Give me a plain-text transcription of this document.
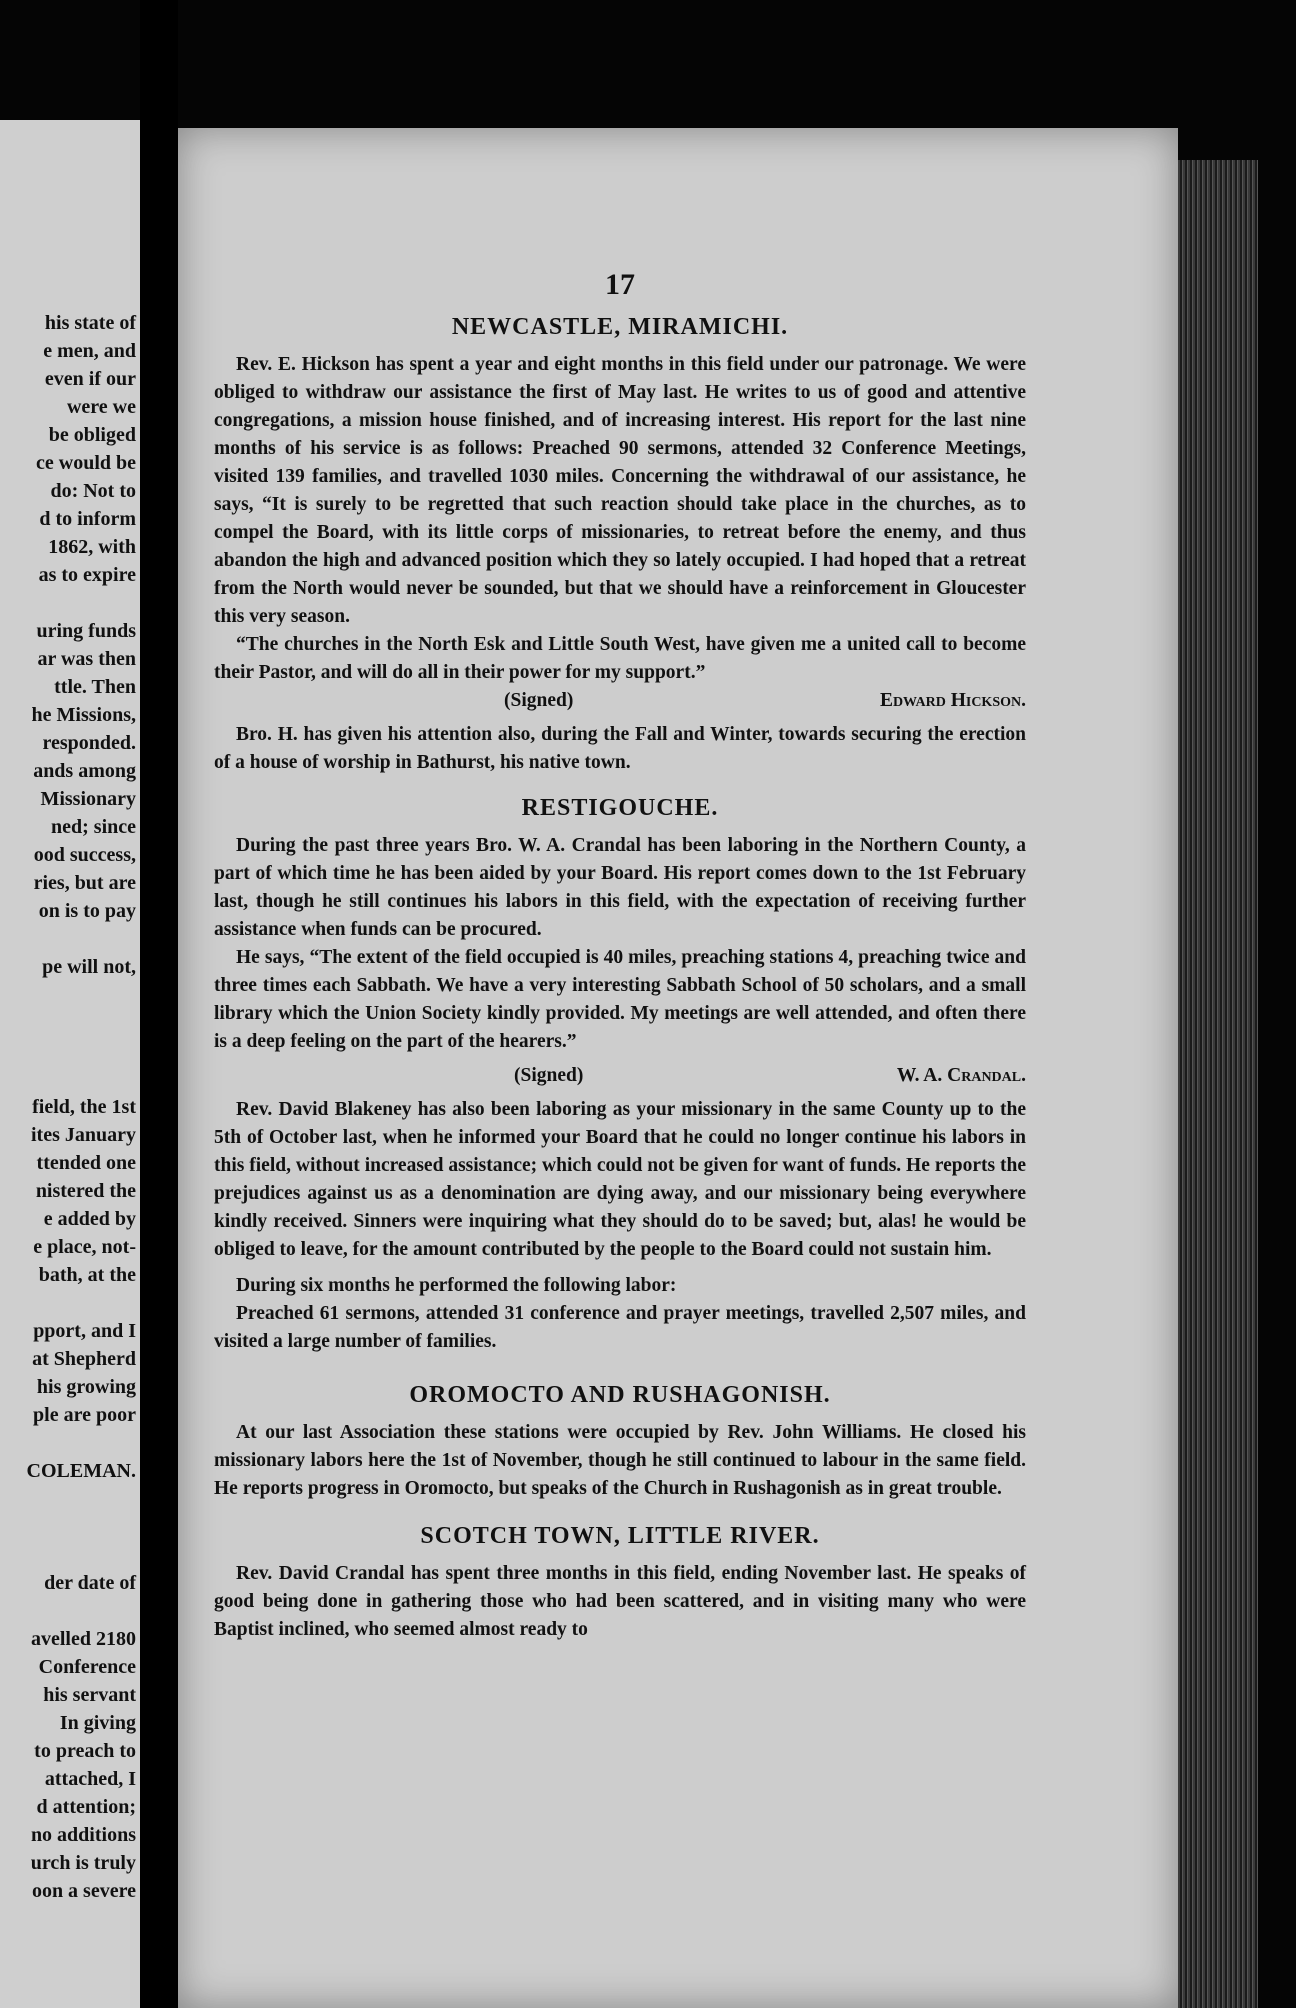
his state of
e men, and
even if our
were we
be obliged
ce would be
do: Not to
d to inform
1862, with
as to expire
uring funds
ar was then
ttle. Then
he Missions,
responded.
ands among
Missionary
ned; since
ood success,
ries, but are
on is to pay
pe will not,
field, the 1st
ites January
ttended one
nistered the
e added by
e place, not-
bath, at the
pport, and I
at Shepherd
his growing
ple are poor
COLEMAN.
der date of
avelled 2180
Conference
his servant
In giving
to preach to
attached, I
d attention;
no additions
urch is truly
oon a severe
17
NEWCASTLE, MIRAMICHI.

Rev. E. Hickson has spent a year and eight months in this field under our patronage. We were obliged to withdraw our assistance the first of May last. He writes to us of good and attentive congregations, a mission house finished, and of increasing interest. His report for the last nine months of his service is as follows: Preached 90 sermons, attended 32 Conference Meetings, visited 139 families, and travelled 1030 miles. Concerning the withdrawal of our assistance, he says, “It is surely to be regretted that such reaction should take place in the churches, as to compel the Board, with its little corps of missionaries, to retreat before the enemy, and thus abandon the high and advanced position which they so lately occupied. I had hoped that a retreat from the North would never be sounded, but that we should have a reinforcement in Gloucester this very season.

“The churches in the North Esk and Little South West, have given me a united call to become their Pastor, and will do all in their power for my support.”

(Signed)	Edward Hickson.

Bro. H. has given his attention also, during the Fall and Winter, towards securing the erection of a house of worship in Bathurst, his native town.

RESTIGOUCHE.

During the past three years Bro. W. A. Crandal has been laboring in the Northern County, a part of which time he has been aided by your Board. His report comes down to the 1st February last, though he still continues his labors in this field, with the expectation of receiving further assistance when funds can be procured.

He says, “The extent of the field occupied is 40 miles, preaching stations 4, preaching twice and three times each Sabbath. We have a very interesting Sabbath School of 50 scholars, and a small library which the Union Society kindly provided. My meetings are well attended, and often there is a deep feeling on the part of the hearers.”

(Signed)	W. A. Crandal.

Rev. David Blakeney has also been laboring as your missionary in the same County up to the 5th of October last, when he informed your Board that he could no longer continue his labors in this field, without increased assistance; which could not be given for want of funds. He reports the prejudices against us as a denomination are dying away, and our missionary being everywhere kindly received. Sinners were inquiring what they should do to be saved; but, alas! he would be obliged to leave, for the amount contributed by the people to the Board could not sustain him.

During six months he performed the following labor:

Preached 61 sermons, attended 31 conference and prayer meetings, travelled 2,507 miles, and visited a large number of families.

OROMOCTO AND RUSHAGONISH.

At our last Association these stations were occupied by Rev. John Williams. He closed his missionary labors here the 1st of November, though he still continued to labour in the same field. He reports progress in Oromocto, but speaks of the Church in Rushagonish as in great trouble.

SCOTCH TOWN, LITTLE RIVER.

Rev. David Crandal has spent three months in this field, ending November last. He speaks of good being done in gathering those who had been scattered, and in visiting many who were Baptist inclined, who seemed almost ready to
